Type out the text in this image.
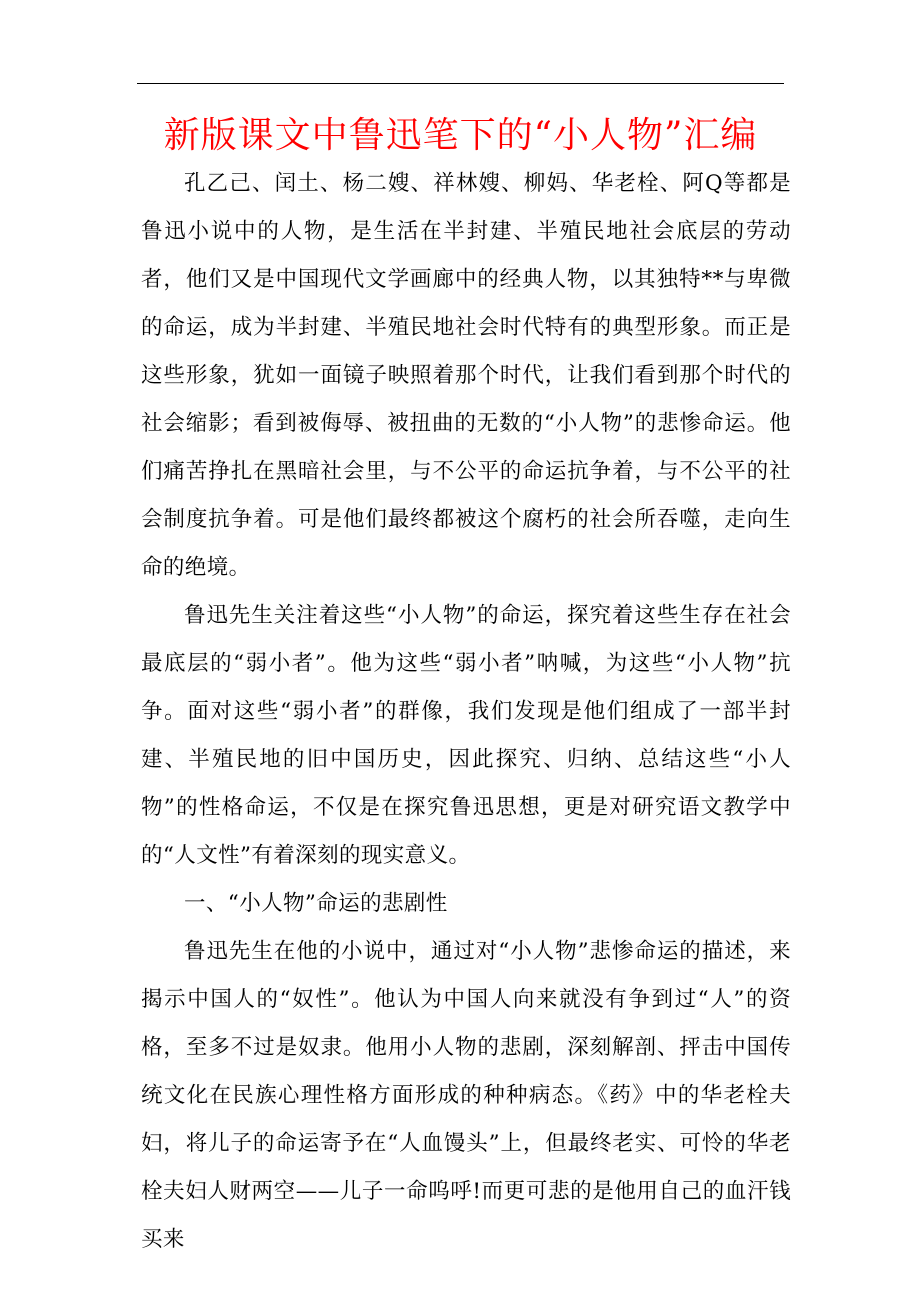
新版课文中鲁迅笔下的“小人物”汇编

孔乙己、闰土、杨二嫂、祥林嫂、柳妈、华老栓、阿Q等都是鲁迅小说中的人物，是生活在半封建、半殖民地社会底层的劳动者，他们又是中国现代文学画廊中的经典人物，以其独特**与卑微的命运，成为半封建、半殖民地社会时代特有的典型形象。而正是这些形象，犹如一面镜子映照着那个时代，让我们看到那个时代的社会缩影；看到被侮辱、被扭曲的无数的“小人物”的悲惨命运。他们痛苦挣扎在黑暗社会里，与不公平的命运抗争着，与不公平的社会制度抗争着。可是他们最终都被这个腐朽的社会所吞噬，走向生命的绝境。

鲁迅先生关注着这些“小人物”的命运，探究着这些生存在社会最底层的“弱小者”。他为这些“弱小者”呐喊，为这些“小人物”抗争。面对这些“弱小者”的群像，我们发现是他们组成了一部半封建、半殖民地的旧中国历史，因此探究、归纳、总结这些“小人物”的性格命运，不仅是在探究鲁迅思想，更是对研究语文教学中的“人文性”有着深刻的现实意义。

一、“小人物”命运的悲剧性

鲁迅先生在他的小说中，通过对“小人物”悲惨命运的描述，来揭示中国人的“奴性”。他认为中国人向来就没有争到过“人”的资格，至多不过是奴隶。他用小人物的悲剧，深刻解剖、抨击中国传统文化在民族心理性格方面形成的种种病态。《药》中的华老栓夫妇，将儿子的命运寄予在“人血馒头”上，但最终老实、可怜的华老栓夫妇人财两空——儿子一命呜呼!而更可悲的是他用自己的血汗钱买来
